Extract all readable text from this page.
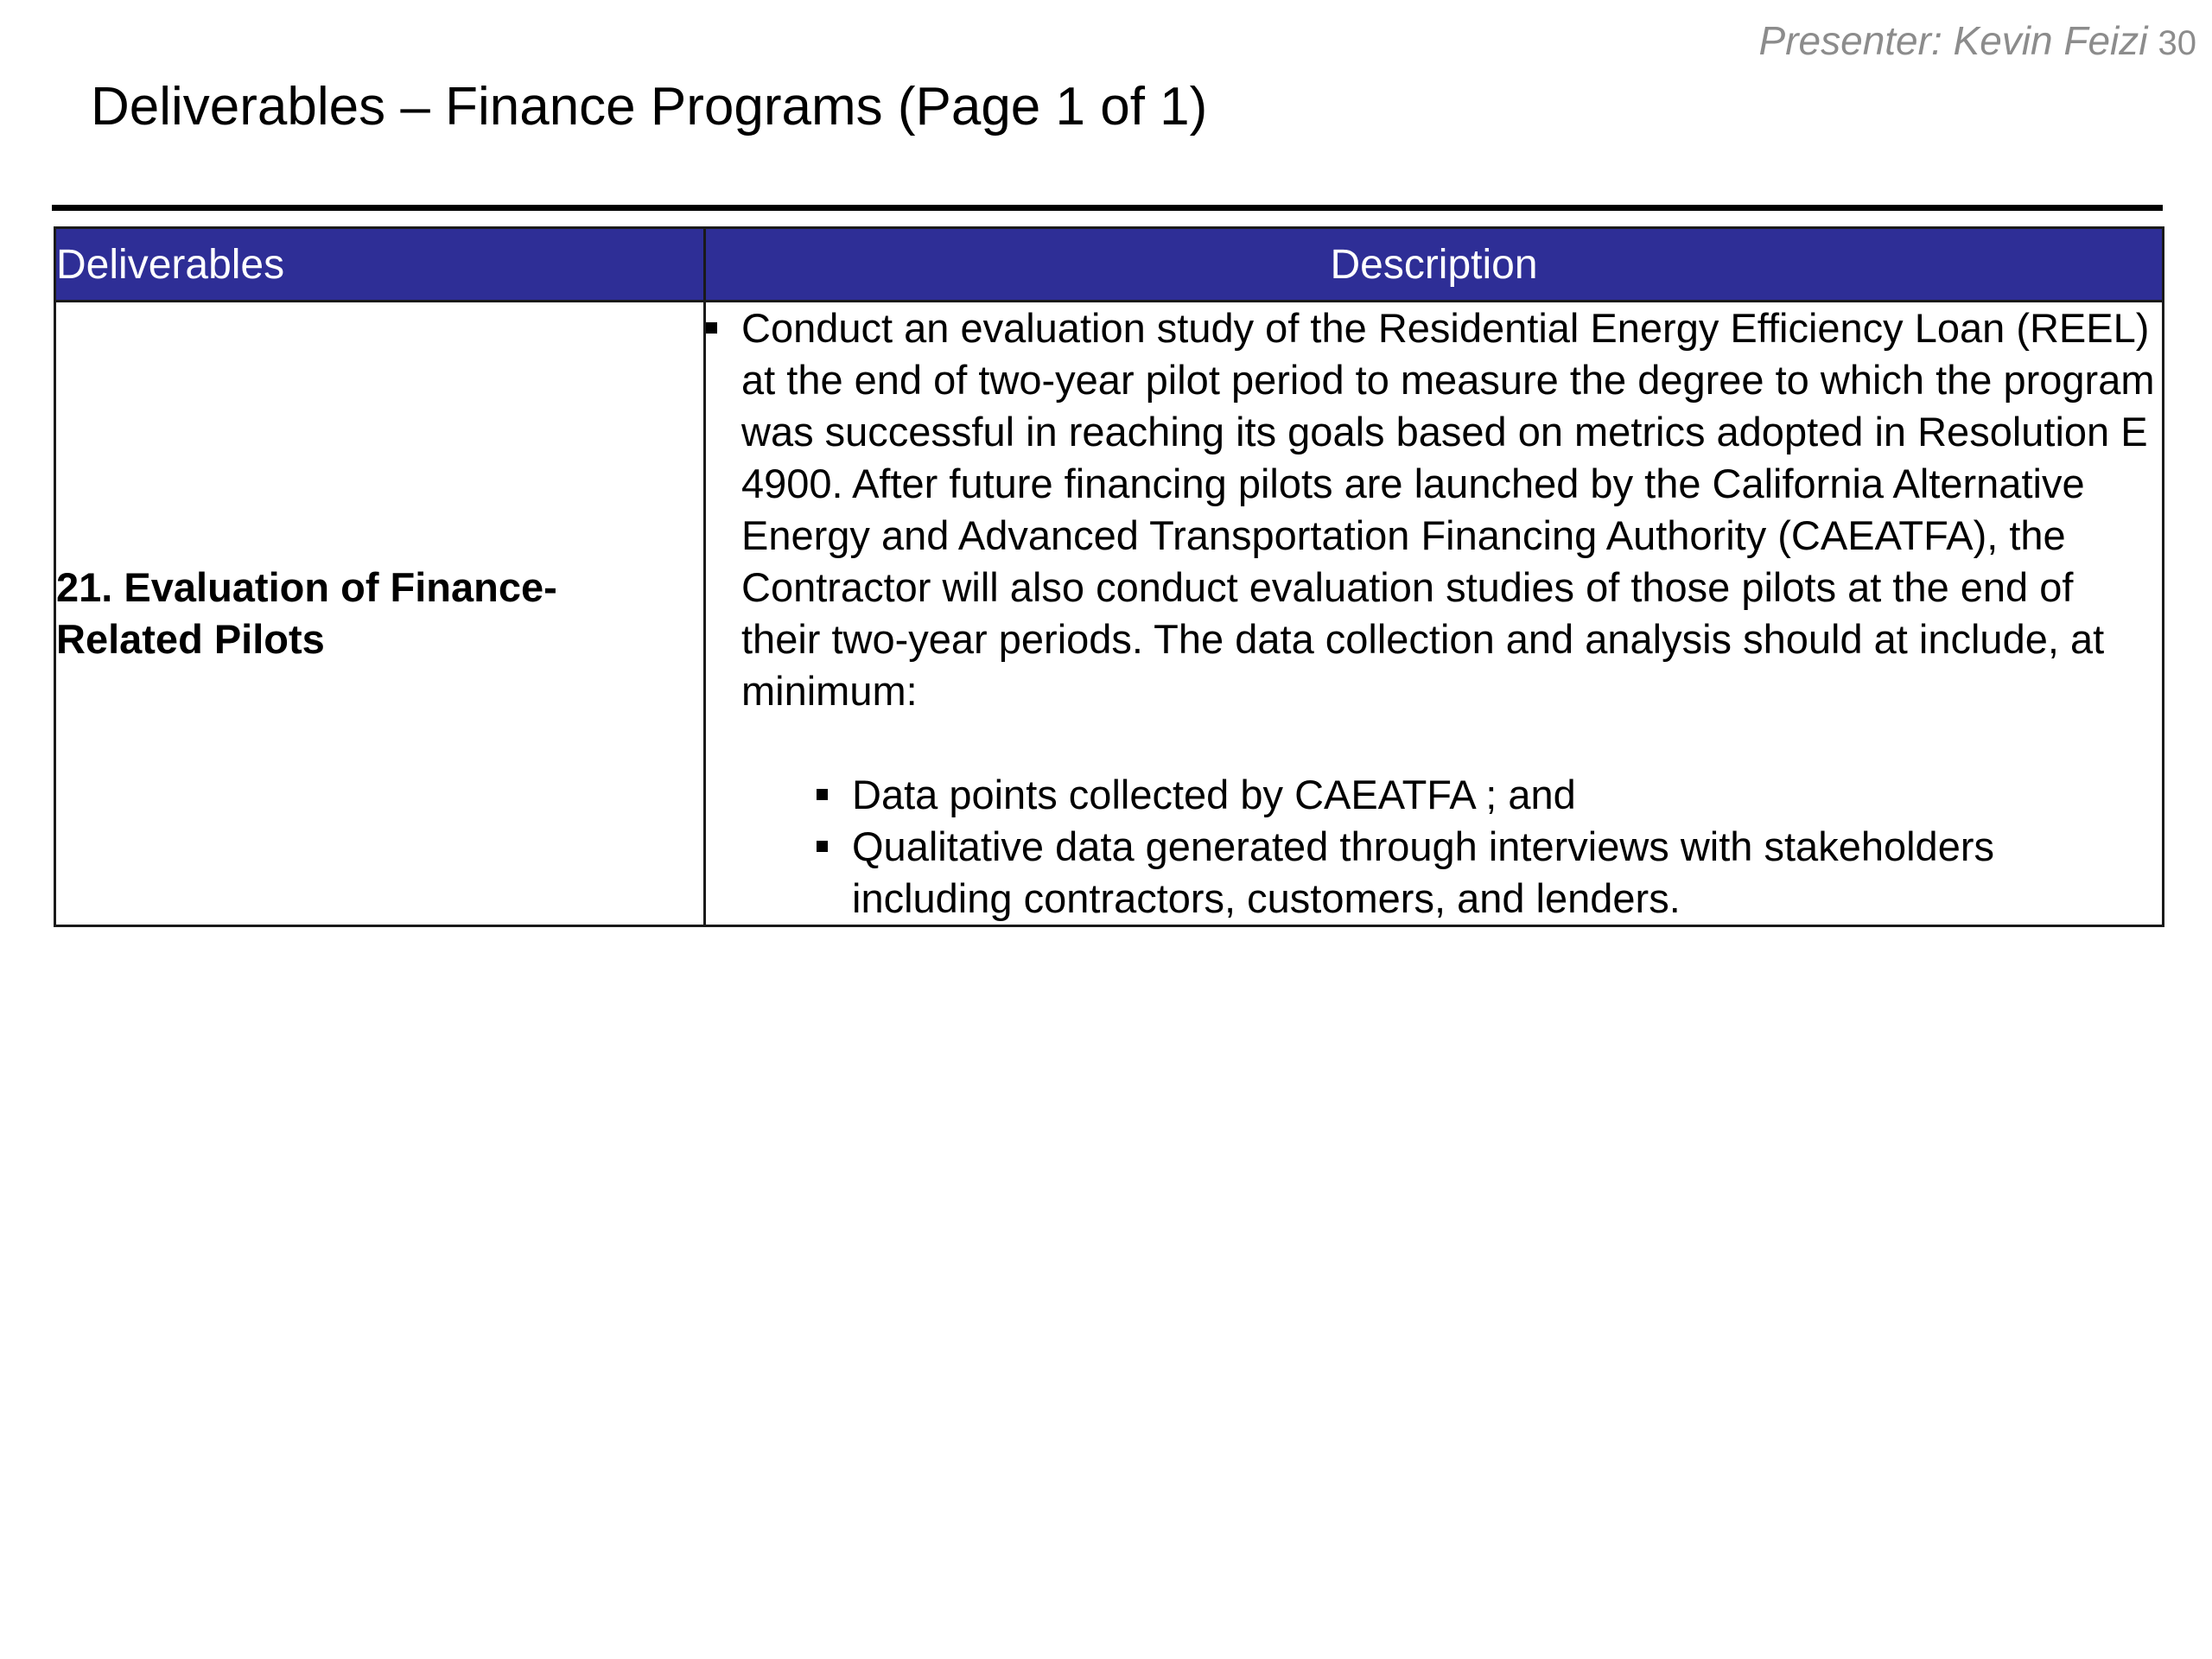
Presenter: Kevin Feizi 30
Deliverables – Finance Programs (Page 1 of 1)
Deliverables	Description
21. Evaluation of Finance-Related Pilots	Conduct an evaluation study of the Residential Energy Efficiency Loan (REEL) at the end of two-year pilot period to measure the degree to which the program was successful in reaching its goals based on metrics adopted in Resolution E 4900. After future financing pilots are launched by the California Alternative Energy and Advanced Transportation Financing Authority (CAEATFA), the Contractor will also conduct evaluation studies of those pilots at the end of their two-year periods. The data collection and analysis should at include, at minimum:
Data points collected by CAEATFA ; and
Qualitative data generated through interviews with stakeholders including contractors, customers, and lenders.
